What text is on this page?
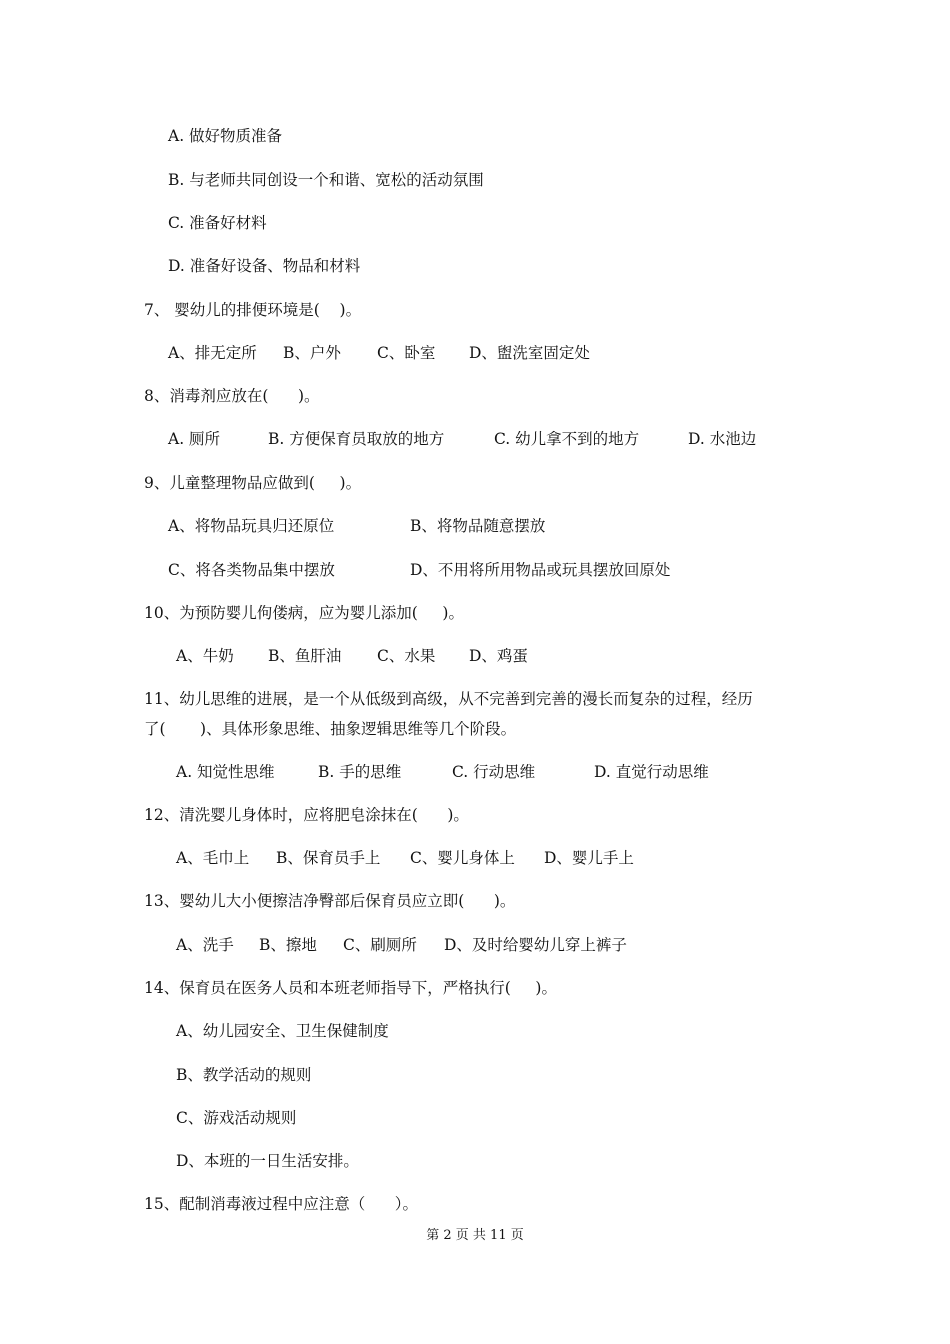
A. 做好物质准备
B. 与老师共同创设一个和谐、宽松的活动氛围
C. 准备好材料
D. 准备好设备、物品和材料
7、 婴幼儿的排便环境是(    )。
A、排无定所 B、户外 C、卧室 D、盥洗室固定处
8、消毒剂应放在(      )。
A. 厕所	B. 方便保育员取放的地方	C. 幼儿拿不到的地方	D. 水池边
9、儿童整理物品应做到(     )。
A、将物品玩具归还原位	B、将物品随意摆放
C、将各类物品集中摆放	D、不用将所用物品或玩具摆放回原处
10、为预防婴儿佝偻病，应为婴儿添加(     )。
A、牛奶 B、鱼肝油 C、水果 D、鸡蛋
11、幼儿思维的进展，是一个从低级到高级，从不完善到完善的漫长而复杂的过程，经历
了(       )、具体形象思维、抽象逻辑思维等几个阶段。
A. 知觉性思维	B. 手的思维	C. 行动思维	D. 直觉行动思维
12、清洗婴儿身体时，应将肥皂涂抹在(      )。
A、毛巾上 B、保育员手上 C、婴儿身体上 D、婴儿手上
13、婴幼儿大小便擦洁净臀部后保育员应立即(      )。
A、洗手 B、擦地 C、刷厕所 D、及时给婴幼儿穿上裤子
14、保育员在医务人员和本班老师指导下，严格执行(     )。
A、幼儿园安全、卫生保健制度
B、教学活动的规则
C、游戏活动规则
D、本班的一日生活安排。
15、配制消毒液过程中应注意（      ）。
第 2 页 共 11 页
